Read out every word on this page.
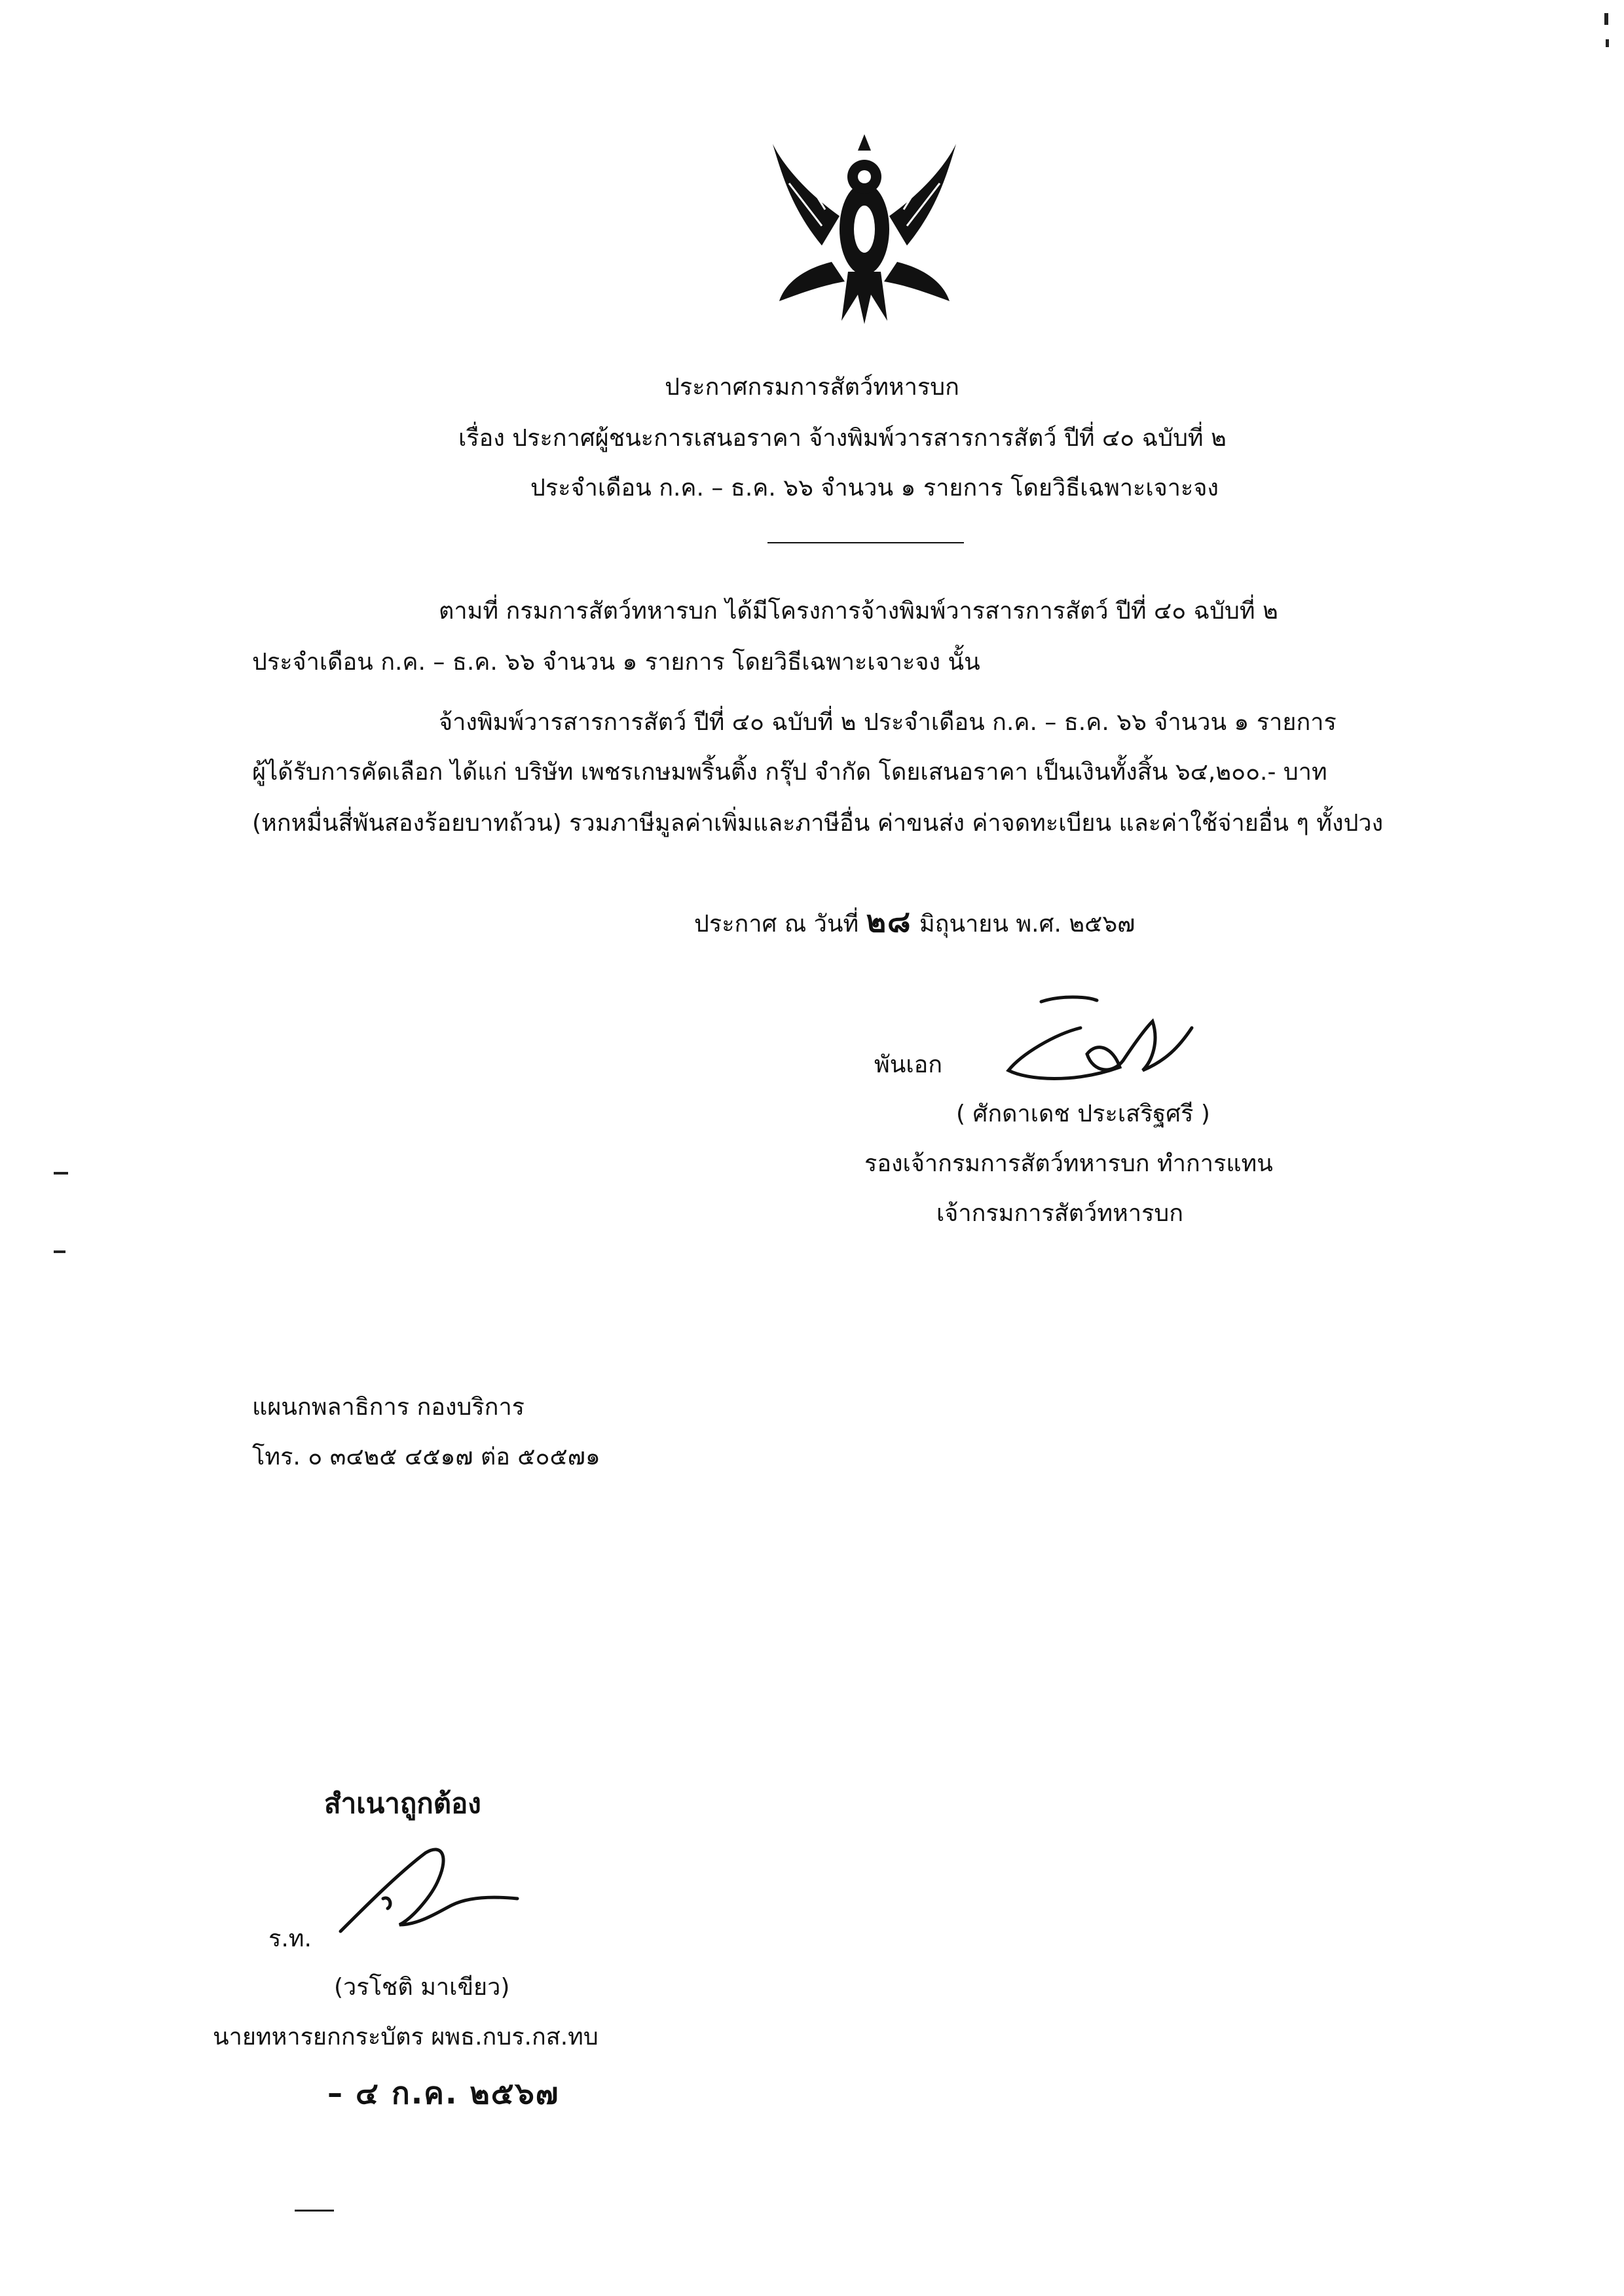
ประกาศกรมการสัตว์ทหารบก
เรื่อง ประกาศผู้ชนะการเสนอราคา จ้างพิมพ์วารสารการสัตว์ ปีที่ ๔๐ ฉบับที่ ๒
ประจำเดือน ก.ค. – ธ.ค. ๖๖ จำนวน ๑ รายการ โดยวิธีเฉพาะเจาะจง
ตามที่ กรมการสัตว์ทหารบก ได้มีโครงการจ้างพิมพ์วารสารการสัตว์ ปีที่ ๔๐ ฉบับที่ ๒
ประจำเดือน ก.ค. – ธ.ค. ๖๖ จำนวน ๑ รายการ โดยวิธีเฉพาะเจาะจง นั้น
จ้างพิมพ์วารสารการสัตว์ ปีที่ ๔๐ ฉบับที่ ๒ ประจำเดือน ก.ค. – ธ.ค. ๖๖ จำนวน ๑ รายการ
ผู้ได้รับการคัดเลือก ได้แก่ บริษัท เพชรเกษมพริ้นติ้ง กรุ๊ป จำกัด โดยเสนอราคา เป็นเงินทั้งสิ้น ๖๔,๒๐๐.- บาท
(หกหมื่นสี่พันสองร้อยบาทถ้วน) รวมภาษีมูลค่าเพิ่มและภาษีอื่น ค่าขนส่ง ค่าจดทะเบียน และค่าใช้จ่ายอื่น ๆ ทั้งปวง
ประกาศ ณ วันที่ ๒๘ มิถุนายน พ.ศ. ๒๕๖๗
พันเอก
( ศักดาเดช ประเสริฐศรี )
รองเจ้ากรมการสัตว์ทหารบก ทำการแทน
เจ้ากรมการสัตว์ทหารบก
แผนกพลาธิการ กองบริการ
โทร. ๐ ๓๔๒๕ ๔๕๑๗ ต่อ ๕๐๕๗๑
สำเนาถูกต้อง
ร.ท.
(วรโชติ มาเขียว)
นายทหารยกกระบัตร ผพธ.กบร.กส.ทบ
– ๔ ก.ค. ๒๕๖๗
